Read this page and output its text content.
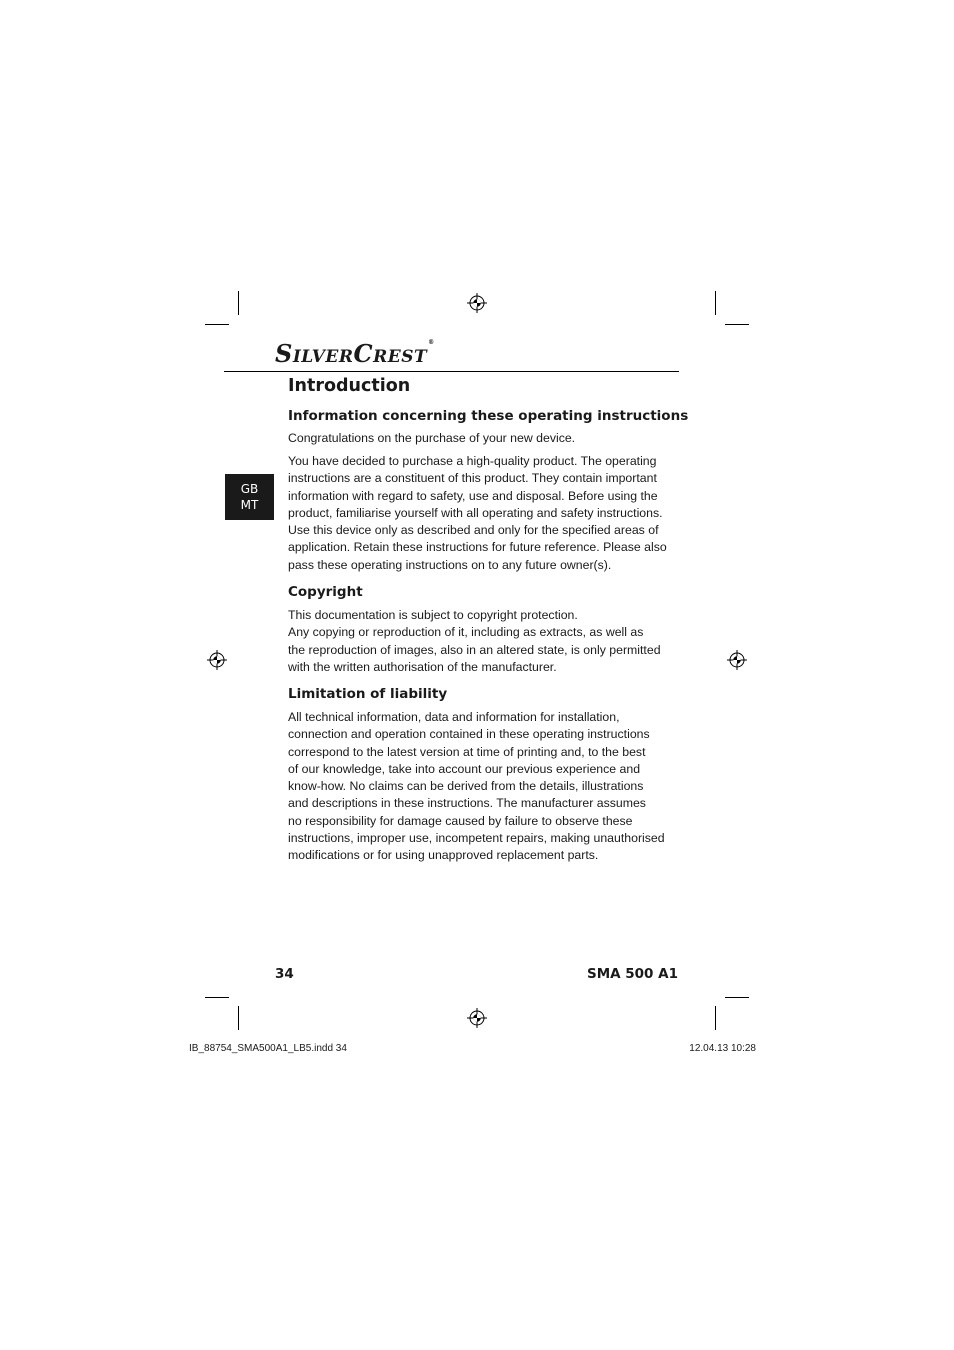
SILVERCREST®
GB
MT
Introduction
Information concerning these operating instructions

Congratulations on the purchase of your new device.

You have decided to purchase a high-quality product. The operating
instructions are a constituent of this product. They contain important
information with regard to safety, use and disposal. Before using the
product, familiarise yourself with all operating and safety instructions.
Use this device only as described and only for the specified areas of
application. Retain these instructions for future reference. Please also
pass these operating instructions on to any future owner(s).

Copyright

This documentation is subject to copyright protection.
Any copying or reproduction of it, including as extracts, as well as
the reproduction of images, also in an altered state, is only permitted
with the written authorisation of the manufacturer.

Limitation of liability

All technical information, data and information for installation,
connection and operation contained in these operating instructions
correspond to the latest version at time of printing and, to the best
of our knowledge, take into account our previous experience and
know-how. No claims can be derived from the details, illustrations
and descriptions in these instructions. The manufacturer assumes
no responsibility for damage caused by failure to observe these
instructions, improper use, incompetent repairs, making unauthorised
modifications or for using unapproved replacement parts.

34	SMA 500 A1
IB_88754_SMA500A1_LB5.indd 34	12.04.13 10:28
